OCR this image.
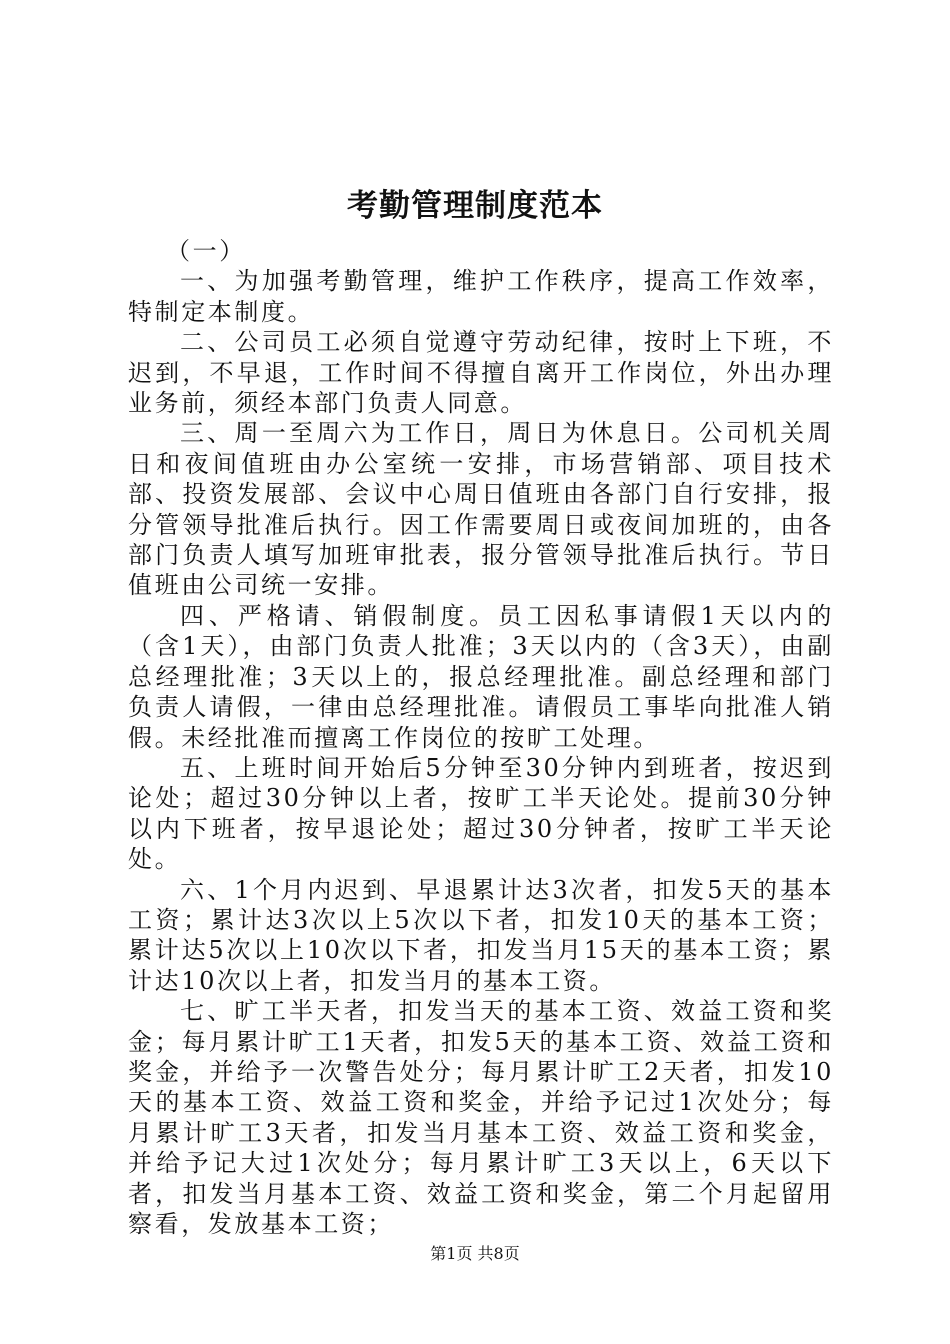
考勤管理制度范本

（一）

一、为加强考勤管理，维护工作秩序，提高工作效率，特制定本制度。

二、公司员工必须自觉遵守劳动纪律，按时上下班，不迟到，不早退，工作时间不得擅自离开工作岗位，外出办理业务前，须经本部门负责人同意。

三、周一至周六为工作日，周日为休息日。公司机关周日和夜间值班由办公室统一安排，市场营销部、项目技术部、投资发展部、会议中心周日值班由各部门自行安排，报分管领导批准后执行。因工作需要周日或夜间加班的，由各部门负责人填写加班审批表，报分管领导批准后执行。节日值班由公司统一安排。

四、严格请、销假制度。员工因私事请假1天以内的（含1天），由部门负责人批准；3天以内的（含3天），由副总经理批准；3天以上的，报总经理批准。副总经理和部门负责人请假，一律由总经理批准。请假员工事毕向批准人销假。未经批准而擅离工作岗位的按旷工处理。

五、上班时间开始后5分钟至30分钟内到班者，按迟到论处；超过30分钟以上者，按旷工半天论处。提前30分钟以内下班者，按早退论处；超过30分钟者，按旷工半天论处。

六、1个月内迟到、早退累计达3次者，扣发5天的基本工资；累计达3次以上5次以下者，扣发10天的基本工资；累计达5次以上10次以下者，扣发当月15天的基本工资；累计达10次以上者，扣发当月的基本工资。

七、旷工半天者，扣发当天的基本工资、效益工资和奖金；每月累计旷工1天者，扣发5天的基本工资、效益工资和奖金，并给予一次警告处分；每月累计旷工2天者，扣发10天的基本工资、效益工资和奖金，并给予记过1次处分；每月累计旷工3天者，扣发当月基本工资、效益工资和奖金，并给予记大过1次处分；每月累计旷工3天以上，6天以下者，扣发当月基本工资、效益工资和奖金，第二个月起留用察看，发放基本工资；

第1页 共8页
